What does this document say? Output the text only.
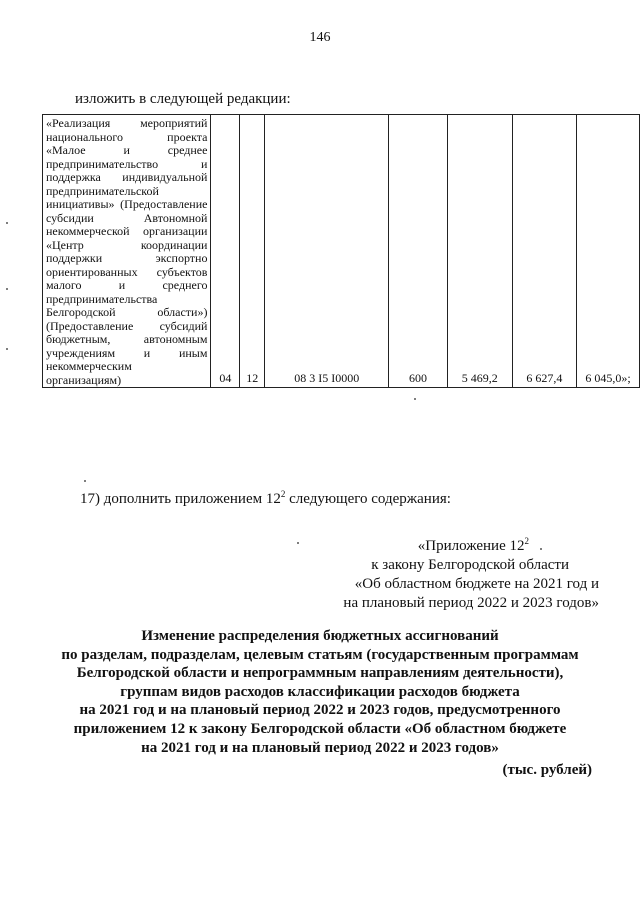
146
изложить в следующей редакции:
«Реализация мероприятий национального проекта «Малое и среднее предпринимательство и поддержка индивидуальной предпринимательской инициативы» (Предоставление субсидии Автономной некоммерческой организации «Центр координации поддержки экспортно ориентированных субъектов малого и среднего предпринимательства Белгородской области») (Предоставление субсидий бюджетным, автономным учреждениям и иным некоммерческим организациям)	04	12	08 3 I5 I0000	600	5 469,2	6 627,4	6 045,0»;
17) дополнить приложением $12^2$ следующего содержания:
«Приложение $12^2$
к закону Белгородской области
«Об областном бюджете на 2021 год и
на плановый период 2022 и 2023 годов»
Изменение распределения бюджетных ассигнований
по разделам, подразделам, целевым статьям (государственным программам
Белгородской области и непрограммным направлениям деятельности),
группам видов расходов классификации расходов бюджета
на 2021 год и на плановый период 2022 и 2023 годов, предусмотренного
приложением 12 к закону Белгородской области «Об областном бюджете
на 2021 год и на плановый период 2022 и 2023 годов»
(тыс. рублей)
